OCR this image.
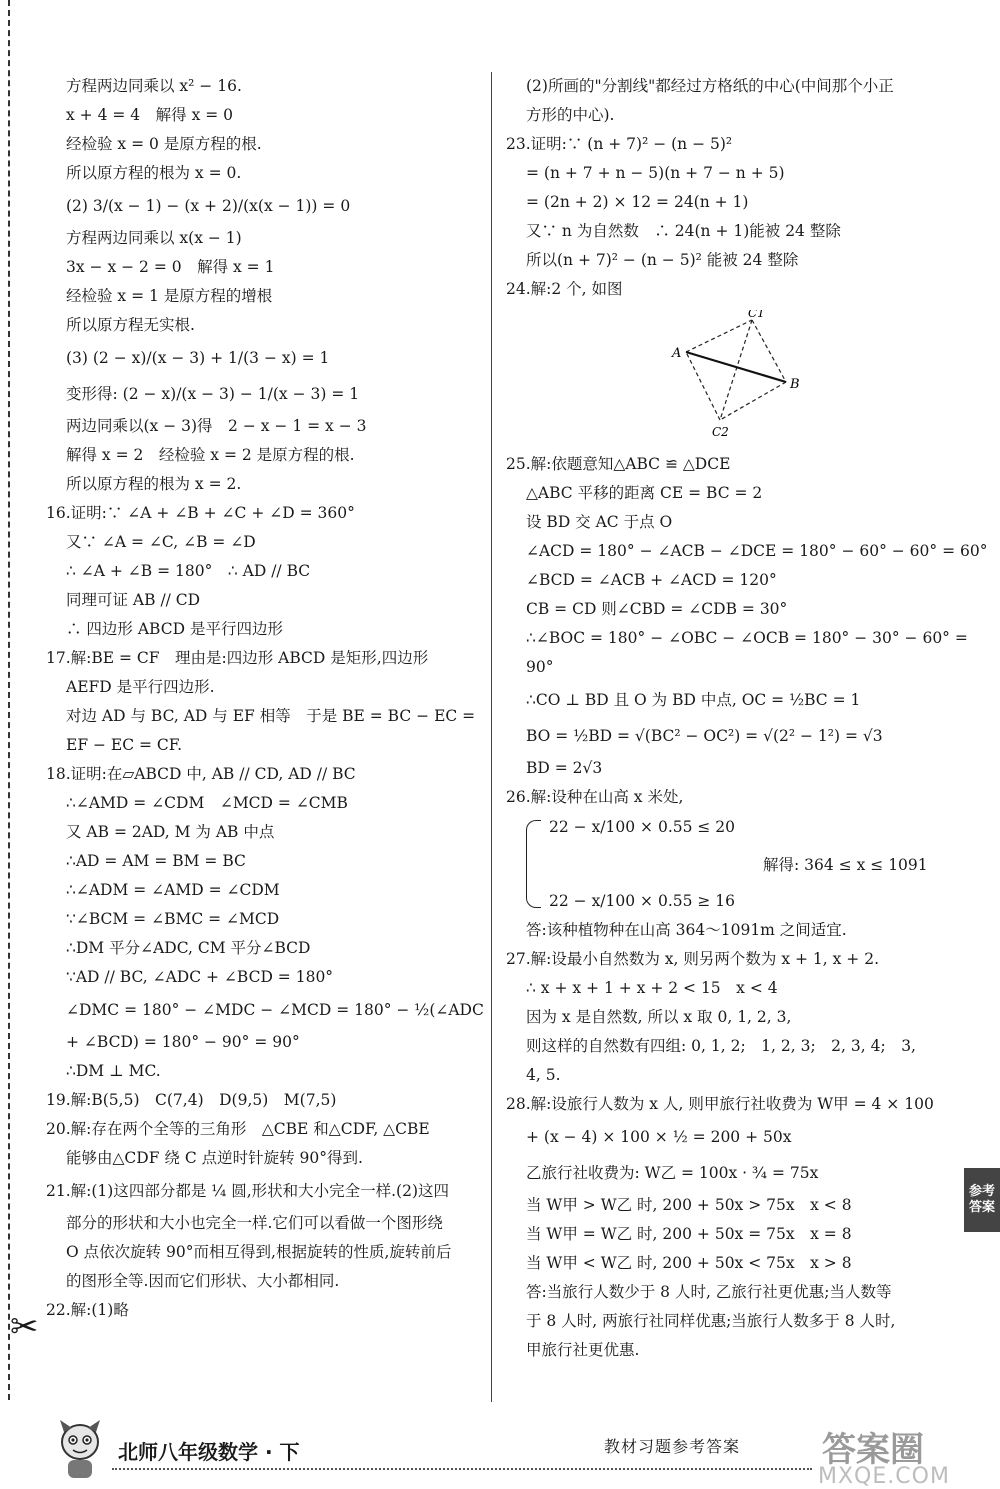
✂
方程两边同乘以 x² − 16.
x + 4 = 4　解得 x = 0
经检验 x = 0 是原方程的根.
所以原方程的根为 x = 0.
(2) 3/(x − 1) − (x + 2)/(x(x − 1)) = 0
方程两边同乘以 x(x − 1)
3x − x − 2 = 0　解得 x = 1
经检验 x = 1 是原方程的增根
所以原方程无实根.
(3) (2 − x)/(x − 3) + 1/(3 − x) = 1
变形得: (2 − x)/(x − 3) − 1/(x − 3) = 1
两边同乘以(x − 3)得　2 − x − 1 = x − 3
解得 x = 2　经检验 x = 2 是原方程的根.
所以原方程的根为 x = 2.
16.证明:∵ ∠A + ∠B + ∠C + ∠D = 360°
又∵ ∠A = ∠C, ∠B = ∠D
∴ ∠A + ∠B = 180°　∴ AD // BC
同理可证 AB // CD
∴ 四边形 ABCD 是平行四边形
17.解:BE = CF　理由是:四边形 ABCD 是矩形,四边形
AEFD 是平行四边形.
对边 AD 与 BC, AD 与 EF 相等　于是 BE = BC − EC =
EF − EC = CF.
18.证明:在▱ABCD 中, AB // CD, AD // BC
∴∠AMD = ∠CDM　∠MCD = ∠CMB
又 AB = 2AD, M 为 AB 中点
∴AD = AM = BM = BC
∴∠ADM = ∠AMD = ∠CDM
∵∠BCM = ∠BMC = ∠MCD
∴DM 平分∠ADC, CM 平分∠BCD
∵AD // BC, ∠ADC + ∠BCD = 180°
∠DMC = 180° − ∠MDC − ∠MCD = 180° − ½(∠ADC
+ ∠BCD) = 180° − 90° = 90°
∴DM ⊥ MC.
19.解:B(5,5)　C(7,4)　D(9,5)　M(7,5)
20.解:存在两个全等的三角形　△CBE 和△CDF, △CBE
能够由△CDF 绕 C 点逆时针旋转 90°得到.
21.解:(1)这四部分都是 ¼ 圆,形状和大小完全一样.(2)这四
部分的形状和大小也完全一样.它们可以看做一个图形绕
O 点依次旋转 90°而相互得到,根据旋转的性质,旋转前后
的图形全等.因而它们形状、大小都相同.
22.解:(1)略
(2)所画的"分割线"都经过方格纸的中心(中间那个小正
方形的中心).
23.证明:∵ (n + 7)² − (n − 5)²
= (n + 7 + n − 5)(n + 7 − n + 5)
= (2n + 2) × 12 = 24(n + 1)
又∵ n 为自然数　∴ 24(n + 1)能被 24 整除
所以(n + 7)² − (n − 5)² 能被 24 整除
24.解:2 个, 如图
A
B
C1
C2
25.解:依题意知△ABC ≌ △DCE
△ABC 平移的距离 CE = BC = 2
设 BD 交 AC 于点 O
∠ACD = 180° − ∠ACB − ∠DCE = 180° − 60° − 60° = 60°
∠BCD = ∠ACB + ∠ACD = 120°
CB = CD 则∠CBD = ∠CDB = 30°
∴∠BOC = 180° − ∠OBC − ∠OCB = 180° − 30° − 60° =
90°
∴CO ⊥ BD 且 O 为 BD 中点, OC = ½BC = 1
BO = ½BD = √(BC² − OC²) = √(2² − 1²) = √3
BD = 2√3
26.解:设种在山高 x 米处,
22 − x/100 × 0.55 ≤ 20
22 − x/100 × 0.55 ≥ 16
解得: 364 ≤ x ≤ 1091
答:该种植物种在山高 364～1091m 之间适宜.
27.解:设最小自然数为 x, 则另两个数为 x + 1, x + 2.
∴ x + x + 1 + x + 2 < 15　x < 4
因为 x 是自然数, 所以 x 取 0, 1, 2, 3,
则这样的自然数有四组: 0, 1, 2;　1, 2, 3;　2, 3, 4;　3,
4, 5.
28.解:设旅行人数为 x 人, 则甲旅行社收费为 W甲 = 4 × 100
+ (x − 4) × 100 × ½ = 200 + 50x
乙旅行社收费为: W乙 = 100x · ¾ = 75x
当 W甲 > W乙 时, 200 + 50x > 75x　x < 8
当 W甲 = W乙 时, 200 + 50x = 75x　x = 8
当 W甲 < W乙 时, 200 + 50x < 75x　x > 8
答:当旅行人数少于 8 人时, 乙旅行社更优惠;当人数等
于 8 人时, 两旅行社同样优惠;当旅行人数多于 8 人时,
甲旅行社更优惠.
参考答案
北师八年级数学 · 下	教材习题参考答案 答案圈
MXQE.COM
